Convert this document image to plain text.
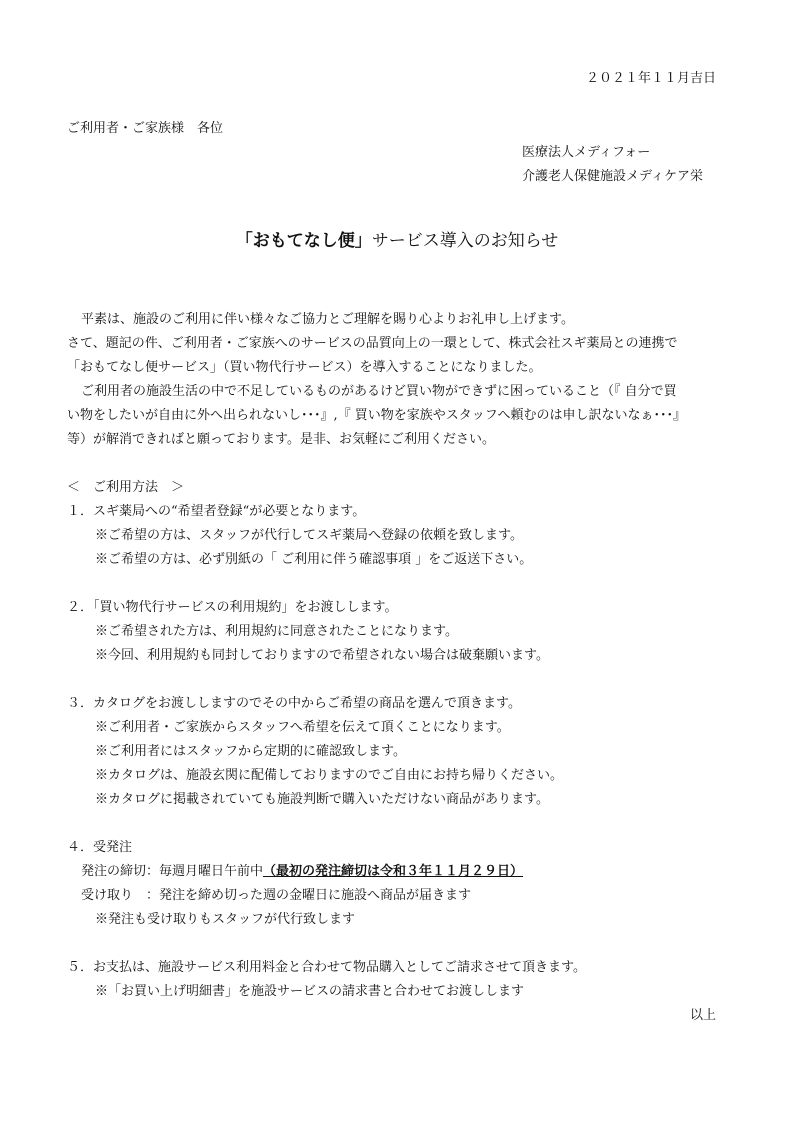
２０２１年１１月吉日
ご利用者・ご家族様　各位
医療法人メディフォー
介護老人保健施設メディケア栄
「おもてなし便」サービス導入のお知らせ
平素は、施設のご利用に伴い様々なご協力とご理解を賜り心よりお礼申し上げます。
さて、題記の件、ご利用者・ご家族へのサービスの品質向上の一環として、株式会社スギ薬局との連携で
「おもてなし便サービス」（買い物代行サービス）を導入することになりました。
ご利用者の施設生活の中で不足しているものがあるけど買い物ができずに困っていること（『 自分で買
い物をしたいが自由に外へ出られないし･･･』,『 買い物を家族やスタッフへ頼むのは申し訳ないなぁ･･･』
等）が解消できればと願っております。是非、お気軽にご利用ください。
＜　ご利用方法　＞
１．スギ薬局への“希望者登録“が必要となります。
※ご希望の方は、スタッフが代行してスギ薬局へ登録の依頼を致します。
※ご希望の方は、必ず別紙の「 ご利用に伴う確認事項 」をご返送下さい。
２．「買い物代行サービスの利用規約」をお渡しします。
※ご希望された方は、利用規約に同意されたことになります。
※今回、利用規約も同封しておりますので希望されない場合は破棄願います。
３．カタログをお渡ししますのでその中からご希望の商品を選んで頂きます。
※ご利用者・ご家族からスタッフへ希望を伝えて頂くことになります。
※ご利用者にはスタッフから定期的に確認致します。
※カタログは、施設玄関に配備しておりますのでご自由にお持ち帰りください。
※カタログに掲載されていても施設判断で購入いただけない商品があります。
４．受発注
発注の締切：毎週月曜日午前中（最初の発注締切は令和３年１１月２９日）
受け取り　：発注を締め切った週の金曜日に施設へ商品が届きます
※発注も受け取りもスタッフが代行致します
５．お支払は、施設サービス利用料金と合わせて物品購入としてご請求させて頂きます。
※「お買い上げ明細書」を施設サービスの請求書と合わせてお渡しします
以上
